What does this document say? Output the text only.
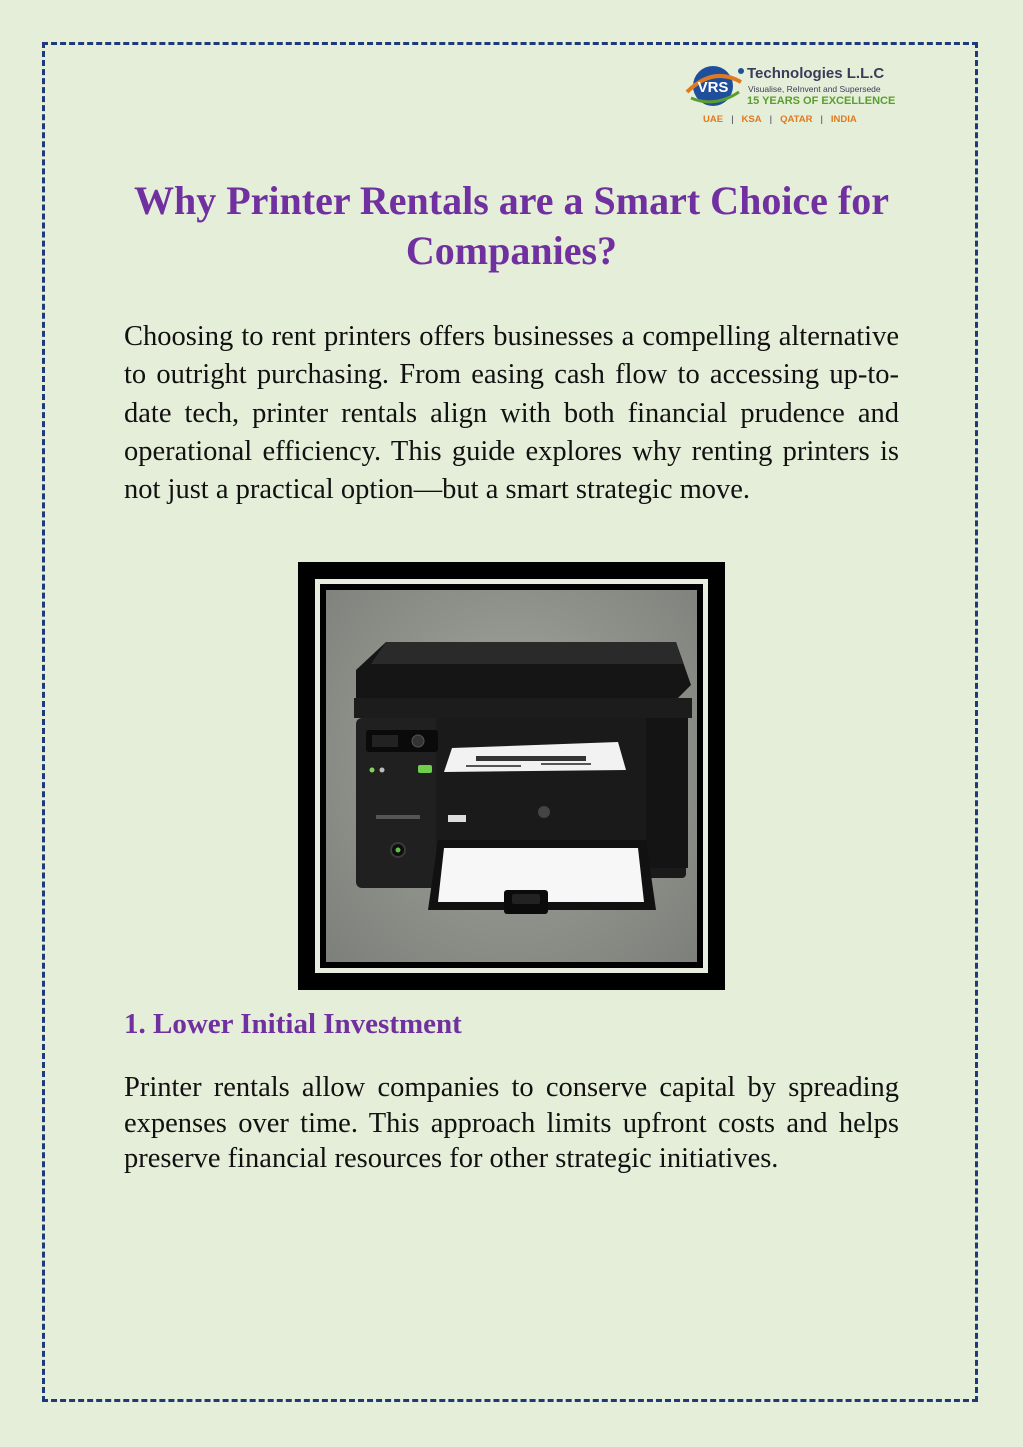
VRS
Technologies L.L.C
Visualise, ReInvent and Supersede
15 YEARS OF EXCELLENCE
UAE | KSA | QATAR | INDIA
Why Printer Rentals are a Smart Choice for Companies?

Choosing to rent printers offers businesses a compelling alternative to outright purchasing. From easing cash flow to accessing up-to-date tech, printer rentals align with both financial prudence and operational efficiency. This guide explores why renting printers is not just a practical option—but a smart strategic move.

1. Lower Initial Investment

Printer rentals allow companies to conserve capital by spreading expenses over time. This approach limits upfront costs and helps preserve financial resources for other strategic initiatives.
